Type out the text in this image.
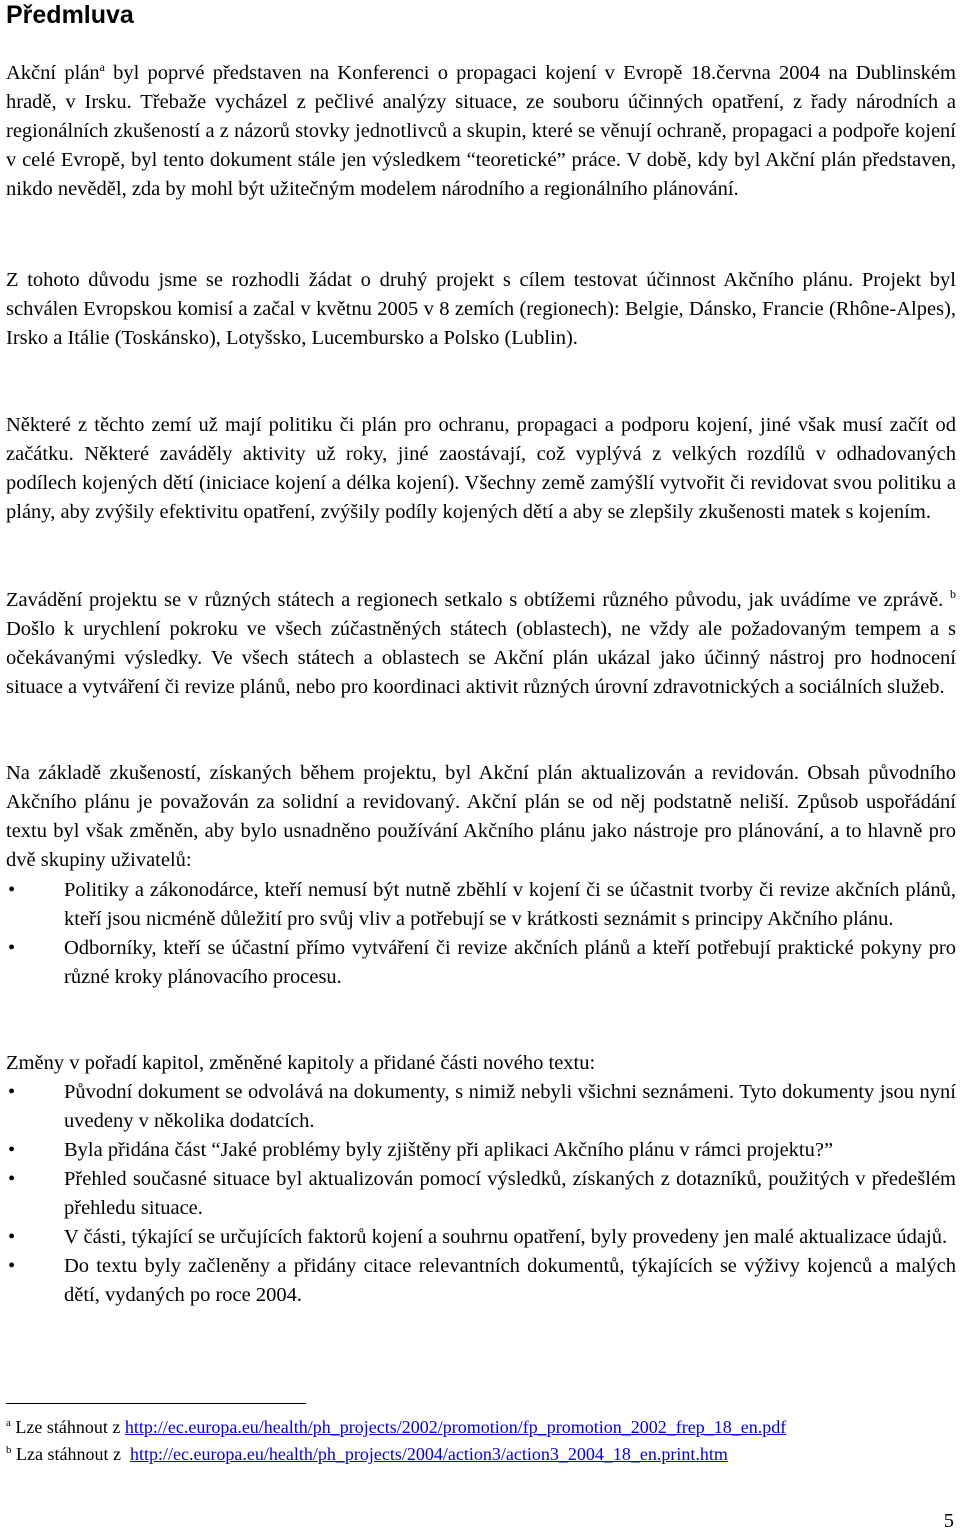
Předmluva
Akční plán$^a$ byl poprvé představen na Konferenci o propagaci kojení v Evropě 18.června 2004 na Dublinském hradě, v Irsku. Třebaže vycházel z pečlivé analýzy situace, ze souboru účinných opatření, z řady národních a regionálních zkušeností a z názorů stovky jednotlivců a skupin, které se věnují ochraně, propagaci a podpoře kojení v celé Evropě, byl tento dokument stále jen výsledkem “teoretické” práce. V době, kdy byl Akční plán představen, nikdo nevěděl, zda by mohl být užitečným modelem národního a regionálního plánování.
Z tohoto důvodu jsme se rozhodli žádat o druhý projekt s cílem testovat účinnost Akčního plánu. Projekt byl schválen Evropskou komisí a začal v květnu 2005 v 8 zemích (regionech): Belgie, Dánsko, Francie (Rhône-Alpes), Irsko a Itálie (Toskánsko), Lotyšsko, Lucembursko a Polsko (Lublin).
Některé z těchto zemí už mají politiku či plán pro ochranu, propagaci a podporu kojení, jiné však musí začít od začátku. Některé zaváděly aktivity už roky, jiné zaostávají, což vyplývá z velkých rozdílů v odhadovaných podílech kojených dětí (iniciace kojení a délka kojení). Všechny země zamýšlí vytvořit či revidovat svou politiku a plány, aby zvýšily efektivitu opatření, zvýšily podíly kojených dětí a aby se zlepšily zkušenosti matek s kojením.
Zavádění projektu se v různých státech a regionech setkalo s obtížemi různého původu, jak uvádíme ve zprávě. $^b$ Došlo k urychlení pokroku ve všech zúčastněných státech (oblastech), ne vždy ale požadovaným tempem a s očekávanými výsledky. Ve všech státech a oblastech se Akční plán ukázal jako účinný nástroj pro hodnocení situace a vytváření či revize plánů, nebo pro koordinaci aktivit různých úrovní zdravotnických a sociálních služeb.
Na základě zkušeností, získaných během projektu, byl Akční plán aktualizován a revidován. Obsah původního Akčního plánu je považován za solidní a revidovaný. Akční plán se od něj podstatně neliší. Způsob uspořádání textu byl však změněn, aby bylo usnadněno používání Akčního plánu jako nástroje pro plánování, a to hlavně pro dvě skupiny uživatelů:
• Politiky a zákonodárce, kteří nemusí být nutně zběhlí v kojení či se účastnit tvorby či revize akčních plánů, kteří jsou nicméně důležití pro svůj vliv a potřebují se v krátkosti seznámit s principy Akčního plánu.
• Odborníky, kteří se účastní přímo vytváření či revize akčních plánů a kteří potřebují praktické pokyny pro různé kroky plánovacího procesu.
Změny v pořadí kapitol, změněné kapitoly a přidané části nového textu:
• Původní dokument se odvolává na dokumenty, s nimiž nebyli všichni seznámeni. Tyto dokumenty jsou nyní uvedeny v několika dodatcích.
• Byla přidána část “Jaké problémy byly zjištěny při aplikaci Akčního plánu v rámci projektu?”
• Přehled současné situace byl aktualizován pomocí výsledků, získaných z dotazníků, použitých v předešlém přehledu situace.
• V části, týkající se určujících faktorů kojení a souhrnu opatření, byly provedeny jen malé aktualizace údajů.
• Do textu byly začleněny a přidány citace relevantních dokumentů, týkajících se výživy kojenců a malých dětí, vydaných po roce 2004.
$^a$ Lze stáhnout z http://ec.europa.eu/health/ph_projects/2002/promotion/fp_promotion_2002_frep_18_en.pdf
$^b$ Lza stáhnout z  http://ec.europa.eu/health/ph_projects/2004/action3/action3_2004_18_en.print.htm
5
